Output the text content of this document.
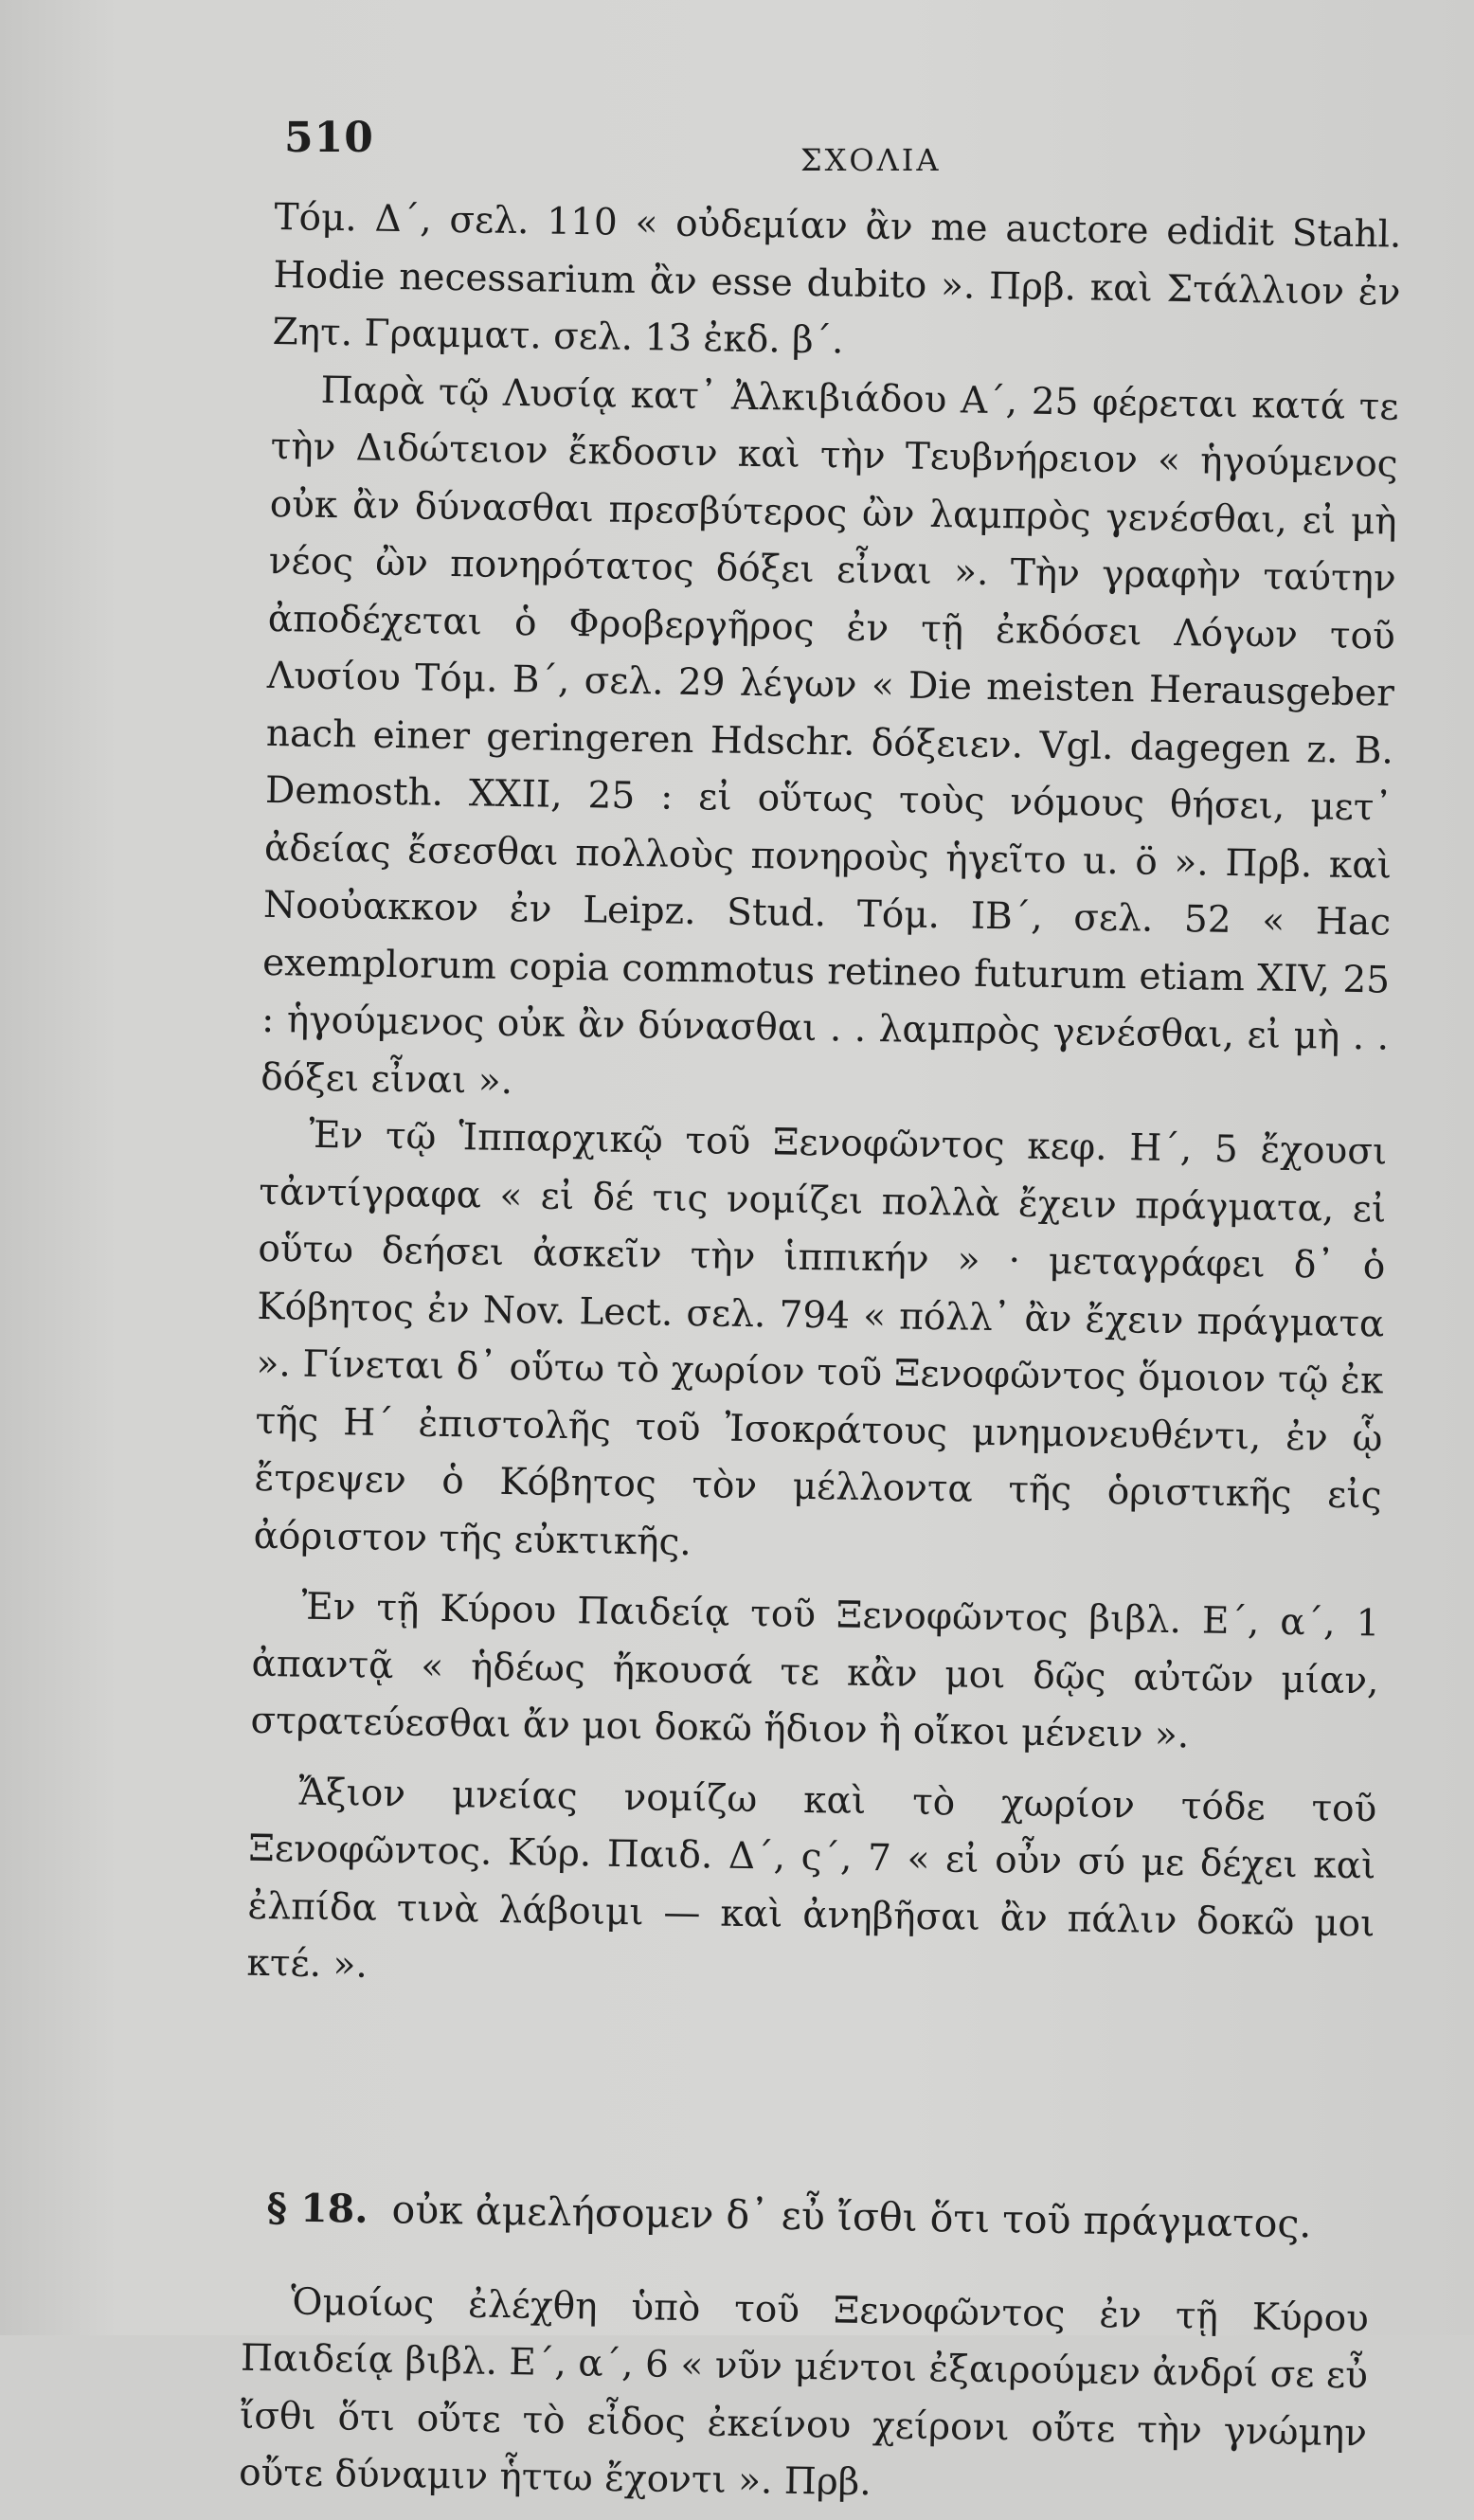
510	ΣΧΟΛΙΑ

Τόμ. Δ΄, σελ. 110 « οὐδεμίαν ἂν me auctore edidit Stahl. Hodie necessarium ἂν esse dubito ». Πρβ. καὶ Στάλλιον ἐν Ζητ. Γραμματ. σελ. 13 ἐκδ. β΄.

Παρὰ τῷ Λυσίᾳ κατ᾽ Ἀλκιβιάδου Α΄, 25 φέρεται κατά τε τὴν Διδώτειον ἔκδοσιν καὶ τὴν Τευβνήρειον « ἡγούμενος οὐκ ἂν δύνασθαι πρεσβύτερος ὢν λαμπρὸς γενέσθαι, εἰ μὴ νέος ὢν πονηρότατος δόξει εἶναι ». Τὴν γραφὴν ταύτην ἀποδέχεται ὁ Φροβεργῆρος ἐν τῇ ἐκδόσει Λόγων τοῦ Λυσίου Τόμ. Β΄, σελ. 29 λέγων « Die meisten Herausgeber nach einer geringeren Hdschr. δόξειεν. Vgl. dagegen z. B. Demosth. XXII, 25 : εἰ οὕτως τοὺς νόμους θήσει, μετ᾽ ἀδείας ἔσεσθαι πολλοὺς πονηροὺς ἡγεῖτο u. ö ». Πρβ. καὶ Νοοὐακκον ἐν Leipz. Stud. Τόμ. ΙΒ΄, σελ. 52 « Hac exemplorum copia commotus retineo futurum etiam XIV, 25 : ἡγούμενος οὐκ ἂν δύνασθαι . . λαμπρὸς γενέσθαι, εἰ μὴ . . δόξει εἶναι ».

Ἐν τῷ Ἱππαρχικῷ τοῦ Ξενοφῶντος κεφ. Η΄, 5 ἔχουσι τἀντίγραφα « εἰ δέ τις νομίζει πολλὰ ἔχειν πράγματα, εἰ οὕτω δεήσει ἀσκεῖν τὴν ἱππικήν » · μεταγράφει δ᾽ ὁ Κόβητος ἐν Nov. Lect. σελ. 794 « πόλλ᾽ ἂν ἔχειν πράγματα ». Γίνεται δ᾽ οὕτω τὸ χωρίον τοῦ Ξενοφῶντος ὅμοιον τῷ ἐκ τῆς Η΄ ἐπιστολῆς τοῦ Ἰσοκράτους μνημονευθέντι, ἐν ᾧ ἔτρεψεν ὁ Κόβητος τὸν μέλλοντα τῆς ὁριστικῆς εἰς ἀόριστον τῆς εὐκτικῆς.

Ἐν τῇ Κύρου Παιδείᾳ τοῦ Ξενοφῶντος βιβλ. Ε΄, α΄, 1 ἀπαντᾷ « ἡδέως ἤκουσά τε κἂν μοι δῷς αὐτῶν μίαν, στρατεύεσθαι ἄν μοι δοκῶ ἥδιον ἢ οἴκοι μένειν ».

Ἄξιον μνείας νομίζω καὶ τὸ χωρίον τόδε τοῦ Ξενοφῶντος. Κύρ. Παιδ. Δ΄, ς΄, 7 « εἰ οὖν σύ με δέχει καὶ ἐλπίδα τινὰ λάβοιμι — καὶ ἀνηβῆσαι ἂν πάλιν δοκῶ μοι κτέ. ».

§ 18. οὐκ ἀμελήσομεν δ᾽ εὖ ἴσθι ὅτι τοῦ πράγματος.

Ὁμοίως ἐλέχθη ὑπὸ τοῦ Ξενοφῶντος ἐν τῇ Κύρου Παιδείᾳ βιβλ. Ε΄, α΄, 6 « νῦν μέντοι ἐξαιρούμεν ἀνδρί σε εὖ ἴσθι ὅτι οὔτε τὸ εἶδος ἐκείνου χείρονι οὔτε τὴν γνώμην οὔτε δύναμιν ἧττω ἔχοντι ». Πρβ.
